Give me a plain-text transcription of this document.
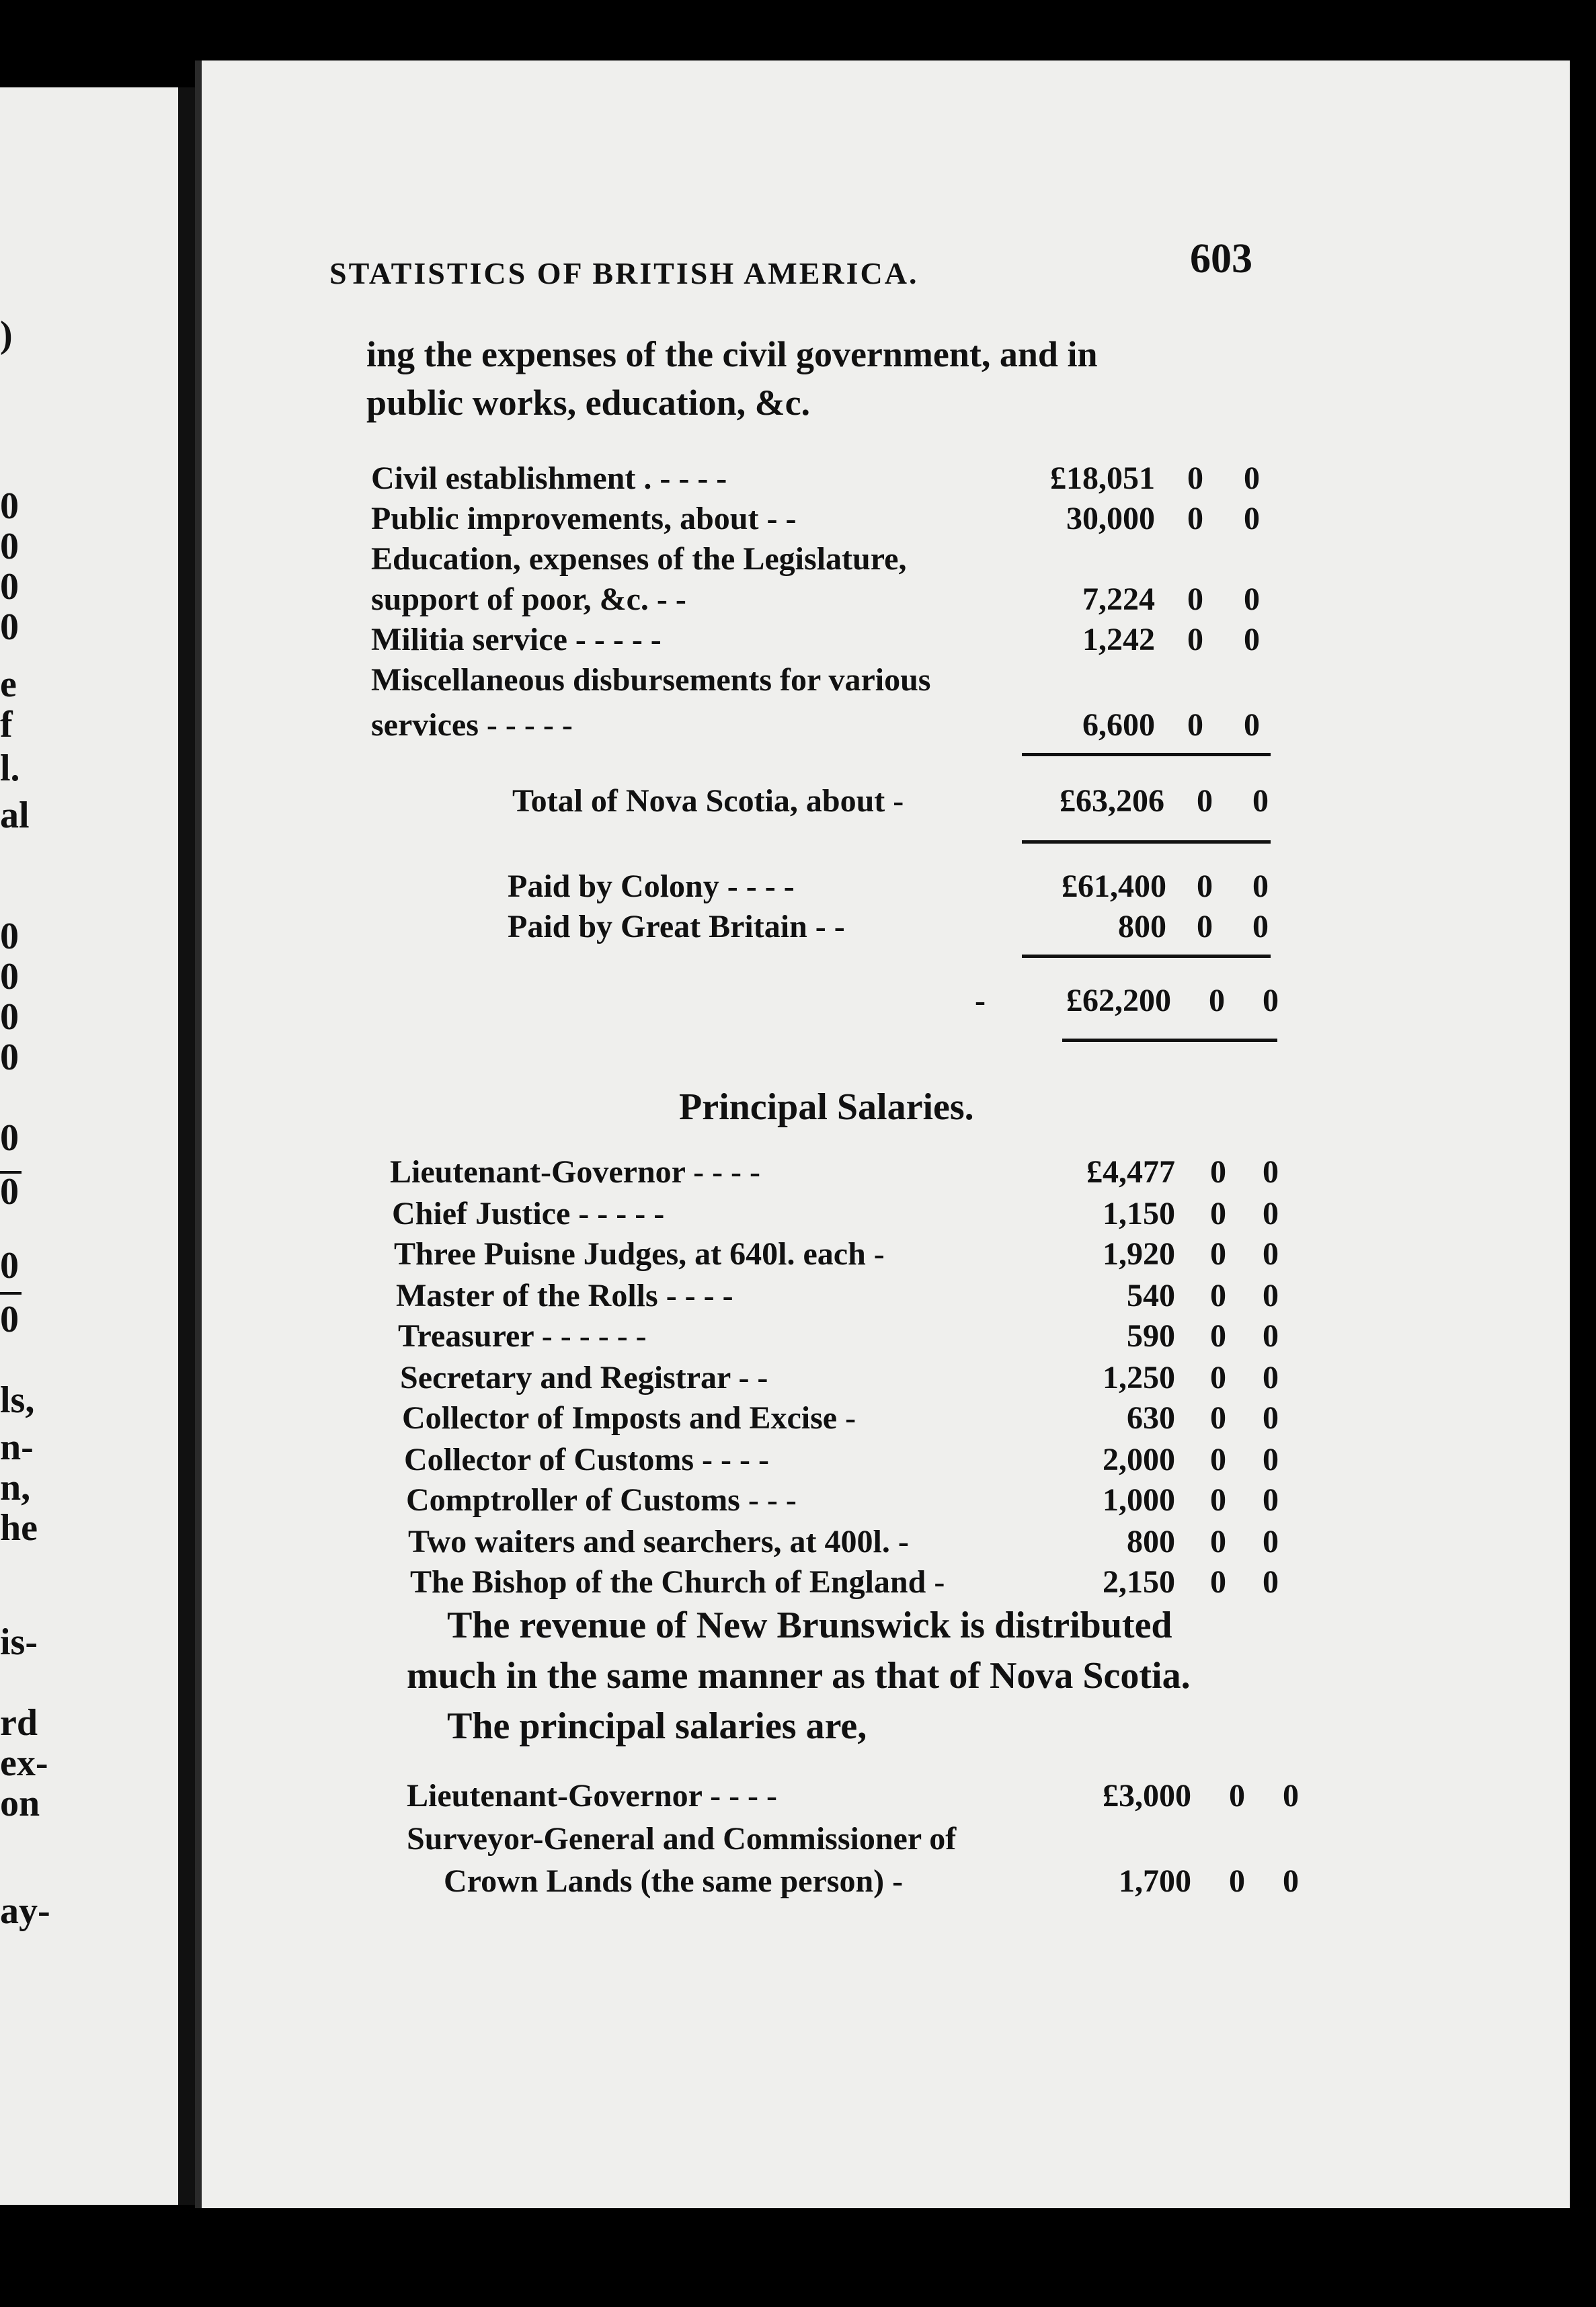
)
0
0
0
0
e
f
l.
al
0
0
0
0
0
0
0
0
ls,
n-
n,
he
is-
rd
ex-
on
ay-
STATISTICS OF BRITISH AMERICA.	603
ing the expenses of the civil government, and in
public works, education, &c.
Civil establishment . - - - -	£18,051 0 0
Public improvements, about - -	30,000 0 0
Education, expenses of the Legislature,
support of poor, &c. - -	7,224 0 0
Militia service - - - - -	1,242 0 0
Miscellaneous disbursements for various
services - - - - -	6,600 0 0
Total of Nova Scotia, about -	£63,206 0 0
Paid by Colony - - - -	£61,400 0 0
Paid by Great Britain - -	800 0 0
-	£62,200 0 0
Lieutenant-Governor - - - -	£4,477 0 0
Chief Justice - - - - -	1,150 0 0
Three Puisne Judges, at 640l. each -	1,920 0 0
Master of the Rolls - - - -	540 0 0
Treasurer - - - - - -	590 0 0
Secretary and Registrar - -	1,250 0 0
Collector of Imposts and Excise -	630 0 0
Collector of Customs - - - -	2,000 0 0
Comptroller of Customs - - -	1,000 0 0
Two waiters and searchers, at 400l. -	800 0 0
The Bishop of the Church of England -	2,150 0 0
Lieutenant-Governor - - - -	£3,000 0 0
Surveyor-General and Commissioner of
Crown Lands (the same person) -	1,700 0 0
Principal Salaries.
The revenue of New Brunswick is distributed
much in the same manner as that of Nova Scotia.
The principal salaries are,
